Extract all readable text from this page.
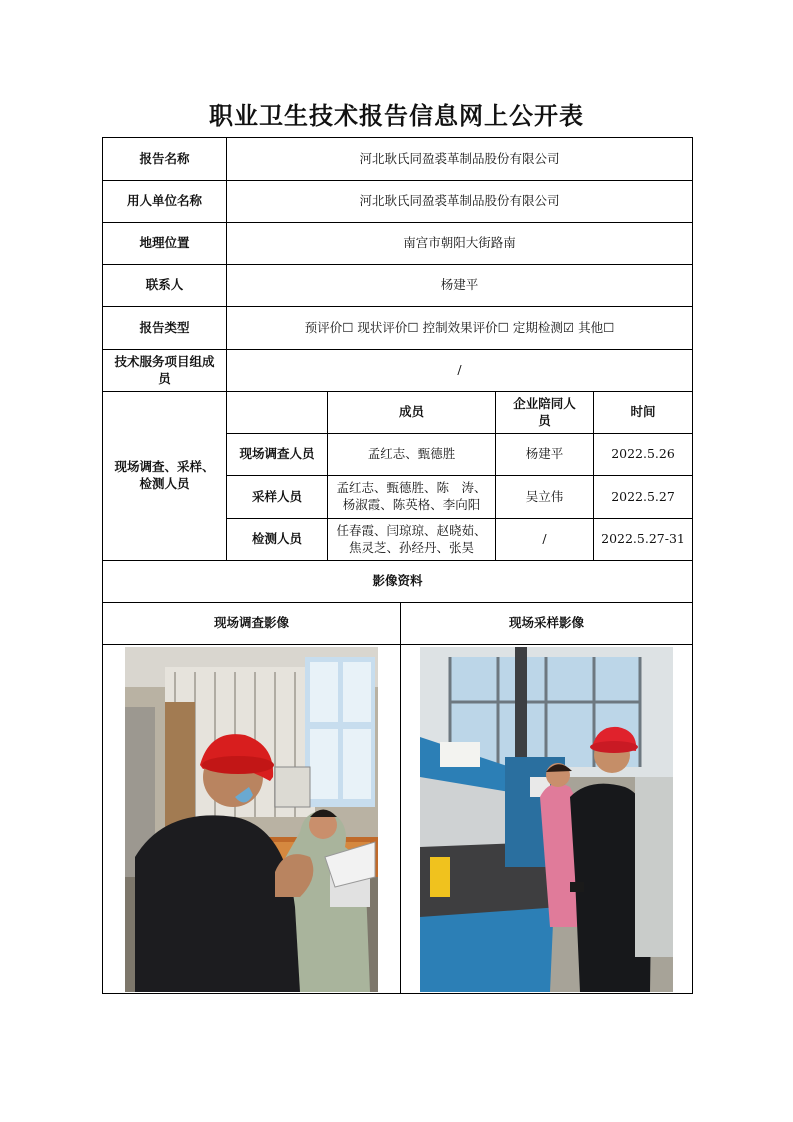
职业卫生技术报告信息网上公开表
报告名称	河北耿氏同盈裘革制品股份有限公司				
用人单位名称	河北耿氏同盈裘革制品股份有限公司				
地理位置	南宫市朝阳大街路南				
联系人	杨建平				
报告类型	预评价☐ 现状评价☐ 控制效果评价☐ 定期检测☑ 其他☐				
技术服务项目组成员	/				
现场调查、采样、检测人员		成员		企业陪同人员	时间
	现场调查人员	孟红志、甄德胜		杨建平	2022.5.26
	采样人员	孟红志、甄德胜、陈　涛、杨淑霞、陈英格、李向阳		吴立伟	2022.5.27
	检测人员	任春霞、闫琼琼、赵晓茹、焦灵芝、孙经丹、张昊		/	2022.5.27-31
影像资料					
现场调查影像			现场采样影像		
